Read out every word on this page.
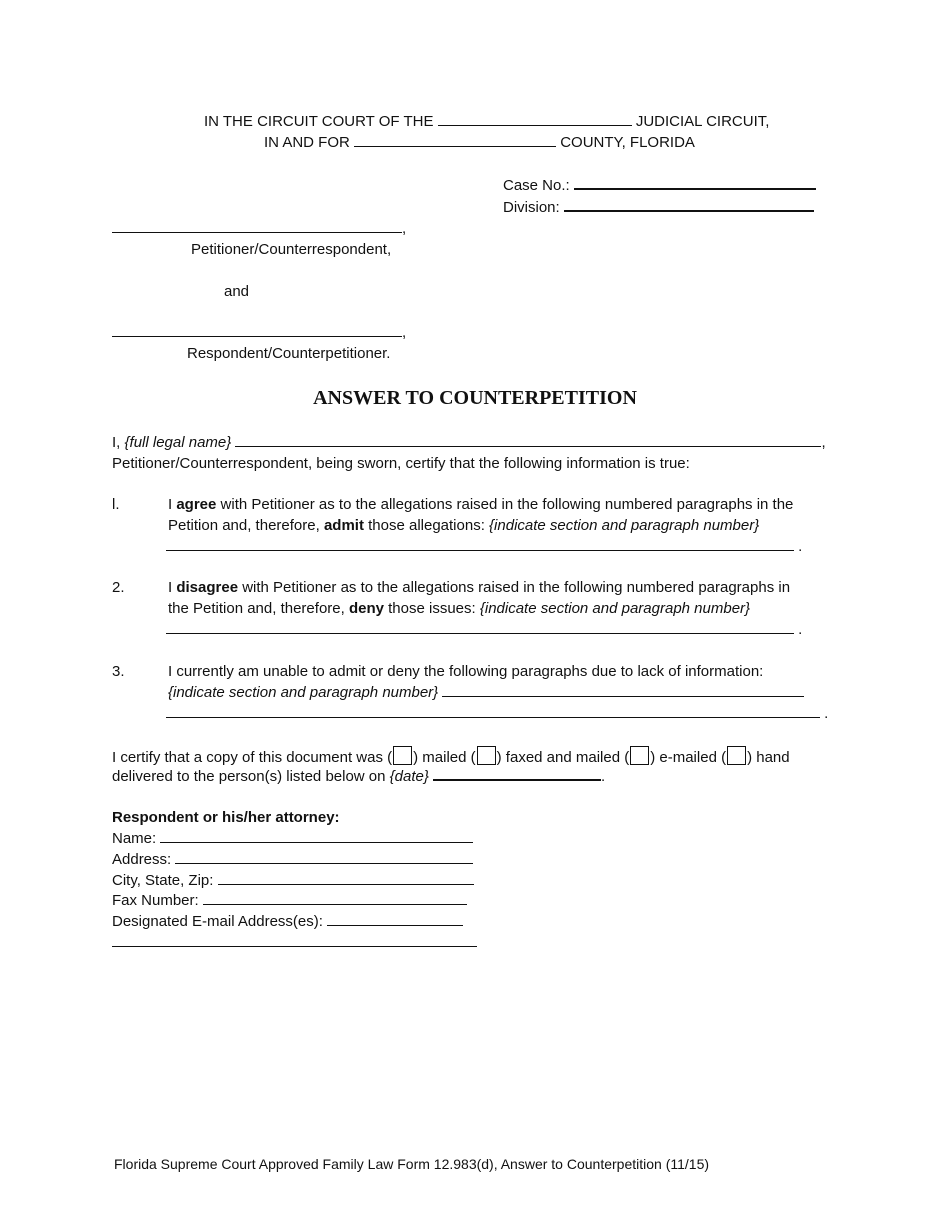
IN THE CIRCUIT COURT OF THE	JUDICIAL CIRCUIT,
IN AND FOR	COUNTY, FLORIDA
Case No.:
Division:
,
Petitioner/Counterrespondent,
and
,
Respondent/Counterpetitioner.
ANSWER TO COUNTERPETITION
I, {full legal name}	,
Petitioner/Counterrespondent, being sworn, certify that the following information is true:
l.	I agree with Petitioner as to the allegations raised in the following numbered paragraphs in the
Petition and, therefore, admit those allegations: {indicate section and paragraph number}
.
2.	I disagree with Petitioner as to the allegations raised in the following numbered paragraphs in
the Petition and, therefore, deny those issues: {indicate section and paragraph number}
.
3.	I currently am unable to admit or deny the following paragraphs due to lack of information:
{indicate section and paragraph number}
.
I certify that a copy of this document was ( ) mailed ( ) faxed and mailed ( ) e-mailed ( ) hand
delivered to the person(s) listed below on {date}	.
Respondent or his/her attorney:
Name:
Address:
City, State, Zip:
Fax Number:
Designated E-mail Address(es):
Florida Supreme Court Approved Family Law Form 12.983(d), Answer to Counterpetition (11/15)
